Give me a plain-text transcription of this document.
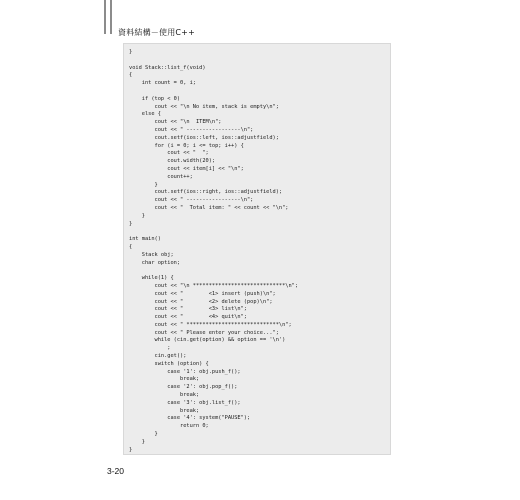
資料結構－使用C++
}
void Stack::list_f(void)
{
int count = 0, i;
if (top < 0)
cout << "\n No item, stack is empty\n";
else {
cout << "\n  ITEM\n";
cout << " -----------------\n";
cout.setf(ios::left, ios::adjustfield);
for (i = 0; i <= top; i++) {
cout << "  ";
cout.width(20);
cout << item[i] << "\n";
count++;
}
cout.setf(ios::right, ios::adjustfield);
cout << " -----------------\n";
cout << "  Total item: " << count << "\n";
}
}
int main()
{
Stack obj;
char option;
while(1) {
cout << "\n *****************************\n";
cout << "        <1> insert (push)\n";
cout << "        <2> delete (pop)\n";
cout << "        <3> list\n";
cout << "        <4> quit\n";
cout << " *****************************\n";
cout << " Please enter your choice...";
while (cin.get(option) && option == '\n')
;
cin.get();
switch (option) {
case '1': obj.push_f();
break;
case '2': obj.pop_f();
break;
case '3': obj.list_f();
break;
case '4': system("PAUSE");
return 0;
}
}
}
3-20
